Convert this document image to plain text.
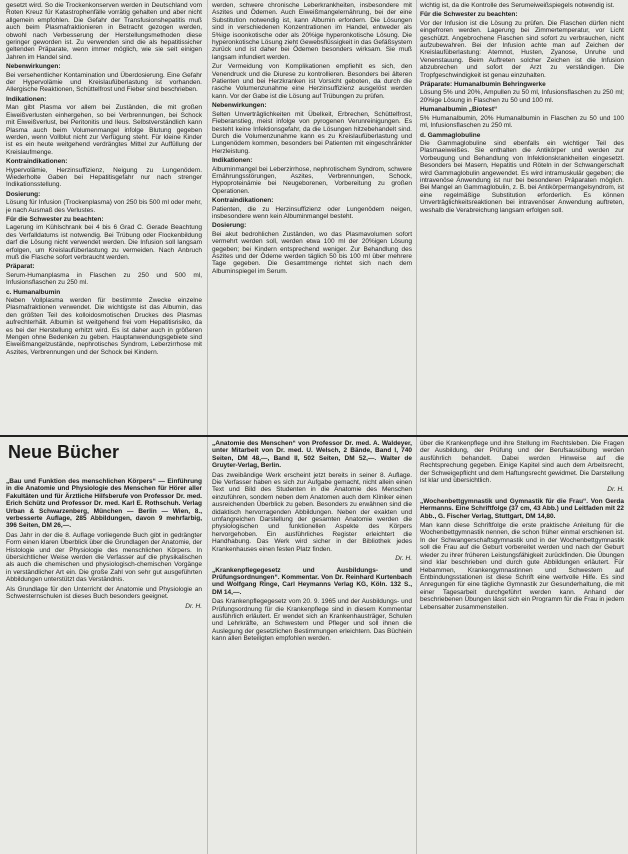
gesetzt wird. So die Trockenkonserven werden in Deutschland vom Roten Kreuz für Katastrophenfälle vorrätig gehalten und aber nicht allgemein empfohlen. Die Gefahr der Transfusionshepatitis muß auch beim Plasmafraktionieren in Betracht gezogen werden, obwohl nach Verbesserung der Herstellungsmethoden diese geringer geworden ist. Zu verwenden sind die als hepatitissicher geltenden Präparate, wenn immer möglich, wie sie seit einigen Jahren im Handel sind.
Nebenwirkungen:
Bei versehentlicher Kontamination und Überdosierung. Eine Gefahr der Hypervolämie und Kreislaufüberlastung ist vorhanden. Allergische Reaktionen, Schüttelfrost und Fieber sind beschrieben.
Indikationen:
Man gibt Plasma vor allem bei Zuständen, die mit großen Eiweißverlusten einhergehen, so bei Verbrennungen, bei Schock mit Eiweißverlust, bei Peritonitis und Ileus. Selbstverständlich kann Plasma auch beim Volumenmangel infolge Blutung gegeben werden, wenn Vollblut nicht zur Verfügung steht. Für kleine Kinder ist es ein heute weitgehend verdrängtes Mittel zur Auffüllung der Kreislaufmenge.
Kontraindikationen:
Hypervolämie, Herzinsuffizienz, Neigung zu Lungenödem. Wiederholte Gaben bei Hepatitisgefahr nur nach strenger Indikationsstellung.
Dosierung:
Lösung für Infusion (Trockenplasma) von 250 bis 500 ml oder mehr, je nach Ausmaß des Verlustes.
Für die Schwester zu beachten:
Lagerung im Kühlschrank bei 4 bis 6 Grad C. Gerade Beachtung des Verfalldatums ist notwendig. Bei Trübung oder Flockenbildung darf die Lösung nicht verwendet werden. Die Infusion soll langsam erfolgen, um Kreislaufüberlastung zu vermeiden. Nach Anbruch muß die Flasche sofort verbraucht werden.
Präparat:
Serum-Humanplasma in Flaschen zu 250 und 500 ml, Infusionsflaschen zu 250 ml.
c. Humanalbumin
Neben Vollplasma werden für bestimmte Zwecke einzelne Plasmafraktionen verwendet. Die wichtigste ist das Albumin, das den größten Teil des kolloidosmotischen Druckes des Plasmas aufrechterhält. Albumin ist weitgehend frei vom Hepatitisrisiko, da es bei der Herstellung erhitzt wird. Es ist daher auch in größeren Mengen ohne Bedenken zu geben. Hauptanwendungsgebiete sind Eiweißmangelzustände, nephrotisches Syndrom, Leberzirrhose mit Aszites, Verbrennungen und der Schock bei Kindern.
werden, schwere chronische Leberkrankheiten, insbesondere mit Aszites und Ödemen. Auch Eiweißmangelernährung, bei der eine Substitution notwendig ist, kann Albumin erfordern. Die Lösungen sind in verschiedenen Konzentrationen im Handel, entweder als 5%ige isoonkotische oder als 20%ige hyperonkotische Lösung. Die hyperonkotische Lösung zieht Gewebsflüssigkeit in das Gefäßsystem zurück und ist daher bei Ödemen besonders wirksam. Sie muß langsam infundiert werden.
Zur Vermeidung von Komplikationen empfiehlt es sich, den Venendruck und die Diurese zu kontrollieren. Besonders bei älteren Patienten und bei Herzkranken ist Vorsicht geboten, da durch die rasche Volumenzunahme eine Herzinsuffizienz ausgelöst werden kann. Vor der Gabe ist die Lösung auf Trübungen zu prüfen.
Nebenwirkungen:
Selten Unverträglichkeiten mit Übelkeit, Erbrechen, Schüttelfrost, Fieberanstieg, meist infolge von pyrogenen Verunreinigungen. Es besteht keine Infektionsgefahr, da die Lösungen hitzebehandelt sind. Durch die Volumenzunahme kann es zu Kreislaufüberlastung und Lungenödem kommen, besonders bei Patienten mit eingeschränkter Herzleistung.
Indikationen:
Albuminmangel bei Leberzirrhose, nephrotischem Syndrom, schwere Ernährungsstörungen, Aszites, Verbrennungen, Schock, Hypoproteinämie bei Neugeborenen, Vorbereitung zu großen Operationen.
Kontraindikationen:
Patienten, die zu Herzinsuffizienz oder Lungenödem neigen, insbesondere wenn kein Albuminmangel besteht.
Dosierung:
Bei akut bedrohlichen Zuständen, wo das Plasmavolumen sofort vermehrt werden soll, werden etwa 100 ml der 20%igen Lösung gegeben; bei Kindern entsprechend weniger. Zur Behandlung des Aszites und der Ödeme werden täglich 50 bis 100 ml über mehrere Tage gegeben. Die Gesamtmenge richtet sich nach dem Albuminspiegel im Serum.
wichtig ist, da die Kontrolle des Serumeiweißspiegels notwendig ist.
Für die Schwester zu beachten:
Vor der Infusion ist die Lösung zu prüfen. Die Flaschen dürfen nicht eingefroren werden. Lagerung bei Zimmertemperatur, vor Licht geschützt. Angebrochene Flaschen sind sofort zu verbrauchen, nicht aufzubewahren. Bei der Infusion achte man auf Zeichen der Kreislaufüberlastung: Atemnot, Husten, Zyanose, Unruhe und Venenstauung. Beim Auftreten solcher Zeichen ist die Infusion abzubrechen und sofort der Arzt zu verständigen. Die Tropfgeschwindigkeit ist genau einzuhalten.
Präparate: Humanalbumin Behringwerke
Lösung 5% und 20%, Ampullen zu 50 ml, Infusionsflaschen zu 250 ml; 20%ige Lösung in Flaschen zu 50 und 100 ml.
Humanalbumin „Biotest“
5% Humanalbumin, 20% Humanalbumin in Flaschen zu 50 und 100 ml, Infusionsflaschen zu 250 ml.
d. Gammaglobuline
Die Gammaglobuline sind ebenfalls ein wichtiger Teil des Plasmaeiweißes. Sie enthalten die Antikörper und werden zur Vorbeugung und Behandlung von Infektionskrankheiten eingesetzt. Besonders bei Masern, Hepatitis und Röteln in der Schwangerschaft wird Gammaglobulin angewendet. Es wird intramuskulär gegeben; die intravenöse Anwendung ist nur bei besonderen Präparaten möglich. Bei Mangel an Gammaglobulin, z. B. bei Antikörpermangelsyndrom, ist eine regelmäßige Substitution erforderlich. Es können Unverträglichkeitsreaktionen bei intravenöser Anwendung auftreten, weshalb die Verabreichung langsam erfolgen soll.
Neue Bücher
„Bau und Funktion des menschlichen Körpers“ — Einführung in die Anatomie und Physiologie des Menschen für Hörer aller Fakultäten und für Ärztliche Hilfsberufe von Professor Dr. med. Erich Schütz und Professor Dr. med. Karl E. Rothschuh. Verlag Urban & Schwarzenberg, München — Berlin — Wien, 8., verbesserte Auflage, 285 Abbildungen, davon 9 mehrfarbig, 396 Seiten, DM 26,—.
Das Jahr in der die 8. Auflage vorliegende Buch gibt in gedrängter Form einen klaren Überblick über die Grundlagen der Anatomie, der Histologie und der Physiologie des menschlichen Körpers. In übersichtlicher Weise werden die Verfasser auf die physikalischen als auch die chemischen und physiologisch-chemischen Vorgänge in verständlicher Art ein. Die große Zahl von sehr gut ausgeführten Abbildungen unterstützt das Verständnis.
Als Grundlage für den Unterricht der Anatomie und Physiologie an Schwesternschulen ist dieses Buch besonders geeignet.
Dr. H.
„Anatomie des Menschen“ von Professor Dr. med. A. Waldeyer, unter Mitarbeit von Dr. med. U. Welsch, 2 Bände, Band I, 740 Seiten, DM 48,—, Band II, 502 Seiten, DM 52,—. Walter de Gruyter-Verlag, Berlin.
Das zweibändige Werk erscheint jetzt bereits in seiner 8. Auflage. Die Verfasser haben es sich zur Aufgabe gemacht, nicht allein einen Text und Bild des Studenten in die Anatomie des Menschen einzuführen, sondern neben dem Anatomen auch dem Kliniker einen ausreichenden Überblick zu geben. Besonders zu erwähnen sind die didaktisch hervorragenden Abbildungen. Neben der exakten und umfangreichen Darstellung der gesamten Anatomie werden die physiologischen und funktionellen Aspekte des Körpers hervorgehoben. Ein ausführliches Register erleichtert die Handhabung. Das Werk wird sicher in der Bibliothek jedes Krankenhauses einen festen Platz finden.
Dr. H.
„Krankenpflegegesetz und Ausbildungs- und Prüfungsordnungen“. Kommentar. Von Dr. Reinhard Kurtenbach und Wolfgang Ringe, Carl Heymanns Verlag KG, Köln. 132 S., DM 14,—.
Das Krankenpflegegesetz vom 20. 9. 1965 und der Ausbildungs- und Prüfungsordnung für die Krankenpflege sind in diesem Kommentar ausführlich erläutert. Er wendet sich an Krankenhausträger, Schulen und Lehrkräfte, an Schwestern und Pfleger und soll ihnen die Auslegung der gesetzlichen Bestimmungen erleichtern. Das Büchlein kann allen Beteiligten empfohlen werden.
über die Krankenpflege und ihre Stellung im Rechtsleben. Die Fragen der Ausbildung, der Prüfung und der Berufsausübung werden ausführlich behandelt. Dabei werden Hinweise auf die Rechtsprechung gegeben. Einige Kapitel sind auch dem Arbeitsrecht, der Schweigepflicht und dem Haftungsrecht gewidmet. Die Darstellung ist klar und übersichtlich.
Dr. H.
„Wochenbettgymnastik und Gymnastik für die Frau“. Von Gerda Hermanns. Eine Schriftfolge (37 cm, 43 Abb.) und Leitfaden mit 22 Abb., G. Fischer Verlag, Stuttgart, DM 14,80.
Man kann diese Schriftfolge die erste praktische Anleitung für die Wochenbettgymnastik nennen, die schon früher einmal erschienen ist. In der Schwangerschaftsgymnastik und in der Wochenbettgymnastik soll die Frau auf die Geburt vorbereitet werden und nach der Geburt wieder zu ihrer früheren Leistungsfähigkeit zurückfinden. Die Übungen sind klar beschrieben und durch gute Abbildungen erläutert. Für Hebammen, Krankengymnastinnen und Schwestern auf Entbindungsstationen ist diese Schrift eine wertvolle Hilfe. Es sind Anregungen für eine tägliche Gymnastik zur Gesunderhaltung, die mit einer Tagesarbeit durchgeführt werden kann. Anhand der beschriebenen Übungen lässt sich ein Programm für die Frau in jedem Lebensalter zusammenstellen.
